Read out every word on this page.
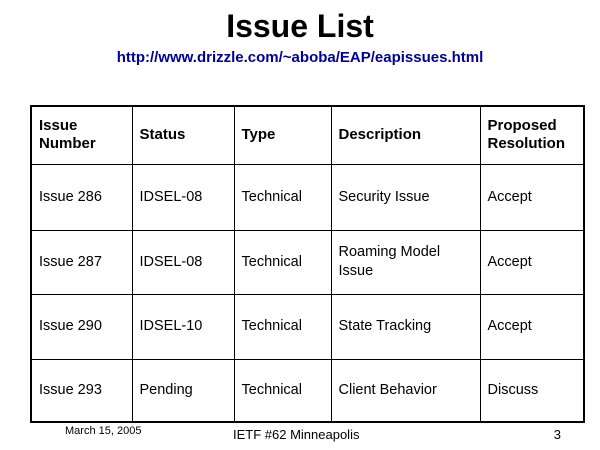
Issue List
http://www.drizzle.com/~aboba/EAP/eapissues.html
Issue Number	Status	Type	Description	Proposed Resolution
Issue 286	IDSEL-08	Technical	Security Issue	Accept
Issue 287	IDSEL-08	Technical	Roaming Model Issue	Accept
Issue 290	IDSEL-10	Technical	State Tracking	Accept
Issue 293	Pending	Technical	Client Behavior	Discuss
March 15, 2005	IETF #62 Minneapolis	3
